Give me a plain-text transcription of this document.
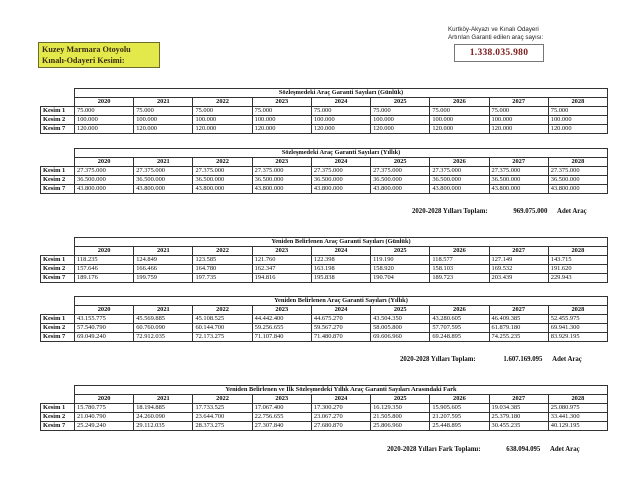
Kuzey Marmara Otoyolu
Kınalı-Odayeri Kesimi:
Kurtköy-Akyazı ve Kınalı Odayeri
Artırılan Garanti edilen araç sayısı:
1.338.035.980
	Sözleşmedeki Araç Garanti Sayıları (Günlük)								
	2020	2021	2022	2023	2024	2025	2026	2027	2028
Kesim 1	75.000	75.000	75.000	75.000	75.000	75.000	75.000	75.000	75.000
Kesim 2	100.000	100.000	100.000	100.000	100.000	100.000	100.000	100.000	100.000
Kesim 7	120.000	120.000	120.000	120.000	120.000	120.000	120.000	120.000	120.000
	Sözleşmedeki Araç Garanti Sayıları (Yıllık)								
	2020	2021	2022	2023	2024	2025	2026	2027	2028
Kesim 1	27.375.000	27.375.000	27.375.000	27.375.000	27.375.000	27.375.000	27.375.000	27.375.000	27.375.000
Kesim 2	36.500.000	36.500.000	36.500.000	36.500.000	36.500.000	36.500.000	36.500.000	36.500.000	36.500.000
Kesim 7	43.800.000	43.800.000	43.800.000	43.800.000	43.800.000	43.800.000	43.800.000	43.800.000	43.800.000
2020-2028 Yılları Toplam:	969.075.000 Adet Araç
	Yeniden Belirlenen Araç Garanti Sayıları (Günlük)								
	2020	2021	2022	2023	2024	2025	2026	2027	2028
Kesim 1	118.235	124.849	123.585	121.760	122.398	119.190	118.577	127.149	143.715
Kesim 2	157.646	166.466	164.780	162.347	163.198	158.920	158.103	169.532	191.620
Kesim 7	189.176	199.759	197.735	194.816	195.838	190.704	189.723	203.439	229.943
	Yeniden Belirlenen Araç Garanti Sayıları (Yıllık)								
	2020	2021	2022	2023	2024	2025	2026	2027	2028
Kesim 1	43.155.775	45.569.885	45.108.525	44.442.400	44.675.270	43.504.350	43.280.605	46.409.385	52.455.975
Kesim 2	57.540.790	60.760.090	60.144.700	59.256.655	59.567.270	58.005.800	57.707.595	61.879.180	69.941.300
Kesim 7	69.049.240	72.912.035	72.173.275	71.107.840	71.480.870	69.606.960	69.248.895	74.255.235	83.929.195
2020-2028 Yılları Toplam:	1.607.169.095 Adet Araç
	Yeniden Belirlenen ve İlk Sözleşmedeki Yıllık Araç Garanti Sayıları Arasındaki Fark								
	2020	2021	2022	2023	2024	2025	2026	2027	2028
Kesim 1	15.780.775	18.194.885	17.733.525	17.067.400	17.300.270	16.129.350	15.905.605	19.034.385	25.080.975
Kesim 2	21.040.790	24.260.090	23.644.700	22.756.655	23.067.270	21.505.800	21.207.595	25.379.180	33.441.300
Kesim 7	25.249.240	29.112.035	28.373.275	27.307.840	27.680.870	25.806.960	25.448.895	30.455.235	40.129.195
2020-2028 Yılları Fark Toplamı:	638.094.095 Adet Araç
